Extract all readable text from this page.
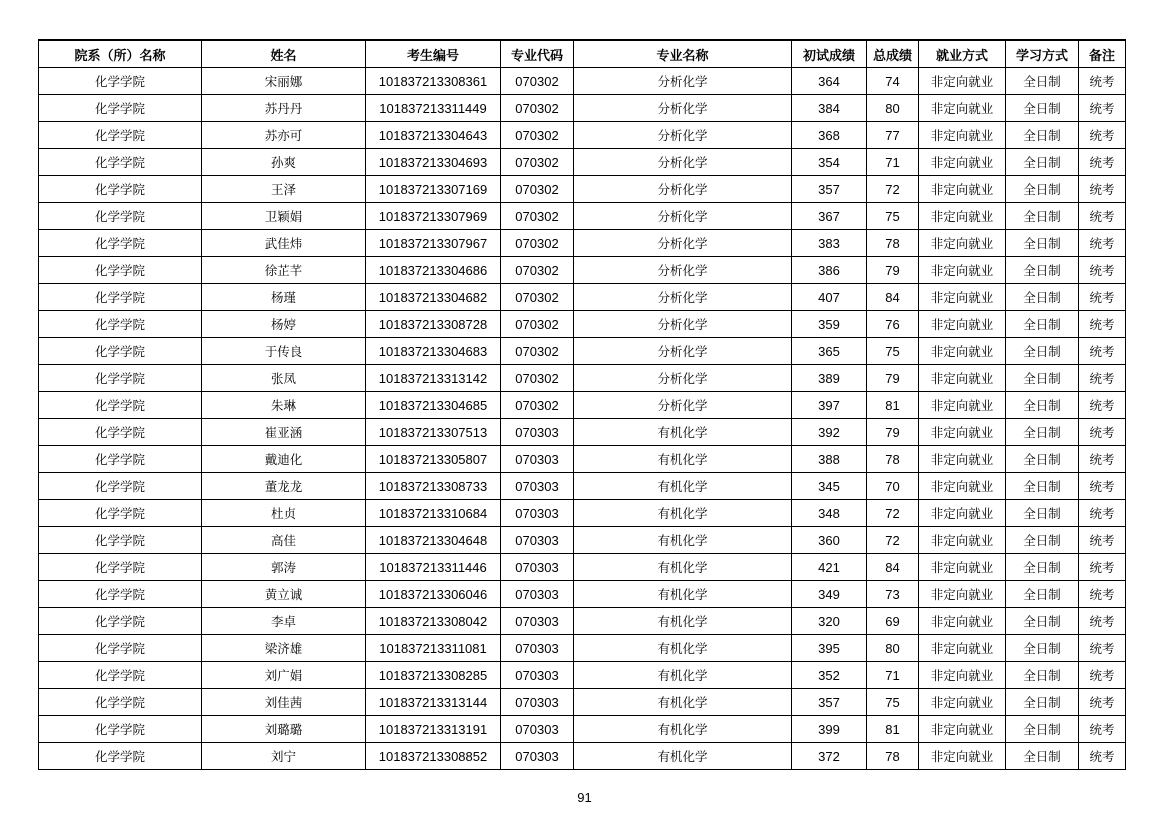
院系（所）名称	姓名	考生编号	专业代码	专业名称	初试成绩	总成绩	就业方式	学习方式	备注
化学学院	宋丽娜	101837213308361	070302	分析化学	364	74	非定向就业	全日制	统考
化学学院	苏丹丹	101837213311449	070302	分析化学	384	80	非定向就业	全日制	统考
化学学院	苏亦可	101837213304643	070302	分析化学	368	77	非定向就业	全日制	统考
化学学院	孙爽	101837213304693	070302	分析化学	354	71	非定向就业	全日制	统考
化学学院	王泽	101837213307169	070302	分析化学	357	72	非定向就业	全日制	统考
化学学院	卫颖娟	101837213307969	070302	分析化学	367	75	非定向就业	全日制	统考
化学学院	武佳炜	101837213307967	070302	分析化学	383	78	非定向就业	全日制	统考
化学学院	徐芷芊	101837213304686	070302	分析化学	386	79	非定向就业	全日制	统考
化学学院	杨瑾	101837213304682	070302	分析化学	407	84	非定向就业	全日制	统考
化学学院	杨婷	101837213308728	070302	分析化学	359	76	非定向就业	全日制	统考
化学学院	于传良	101837213304683	070302	分析化学	365	75	非定向就业	全日制	统考
化学学院	张凤	101837213313142	070302	分析化学	389	79	非定向就业	全日制	统考
化学学院	朱琳	101837213304685	070302	分析化学	397	81	非定向就业	全日制	统考
化学学院	崔亚涵	101837213307513	070303	有机化学	392	79	非定向就业	全日制	统考
化学学院	戴迪化	101837213305807	070303	有机化学	388	78	非定向就业	全日制	统考
化学学院	董龙龙	101837213308733	070303	有机化学	345	70	非定向就业	全日制	统考
化学学院	杜贞	101837213310684	070303	有机化学	348	72	非定向就业	全日制	统考
化学学院	高佳	101837213304648	070303	有机化学	360	72	非定向就业	全日制	统考
化学学院	郭涛	101837213311446	070303	有机化学	421	84	非定向就业	全日制	统考
化学学院	黄立诚	101837213306046	070303	有机化学	349	73	非定向就业	全日制	统考
化学学院	李卓	101837213308042	070303	有机化学	320	69	非定向就业	全日制	统考
化学学院	梁济雄	101837213311081	070303	有机化学	395	80	非定向就业	全日制	统考
化学学院	刘广娟	101837213308285	070303	有机化学	352	71	非定向就业	全日制	统考
化学学院	刘佳茜	101837213313144	070303	有机化学	357	75	非定向就业	全日制	统考
化学学院	刘璐璐	101837213313191	070303	有机化学	399	81	非定向就业	全日制	统考
化学学院	刘宁	101837213308852	070303	有机化学	372	78	非定向就业	全日制	统考
91
